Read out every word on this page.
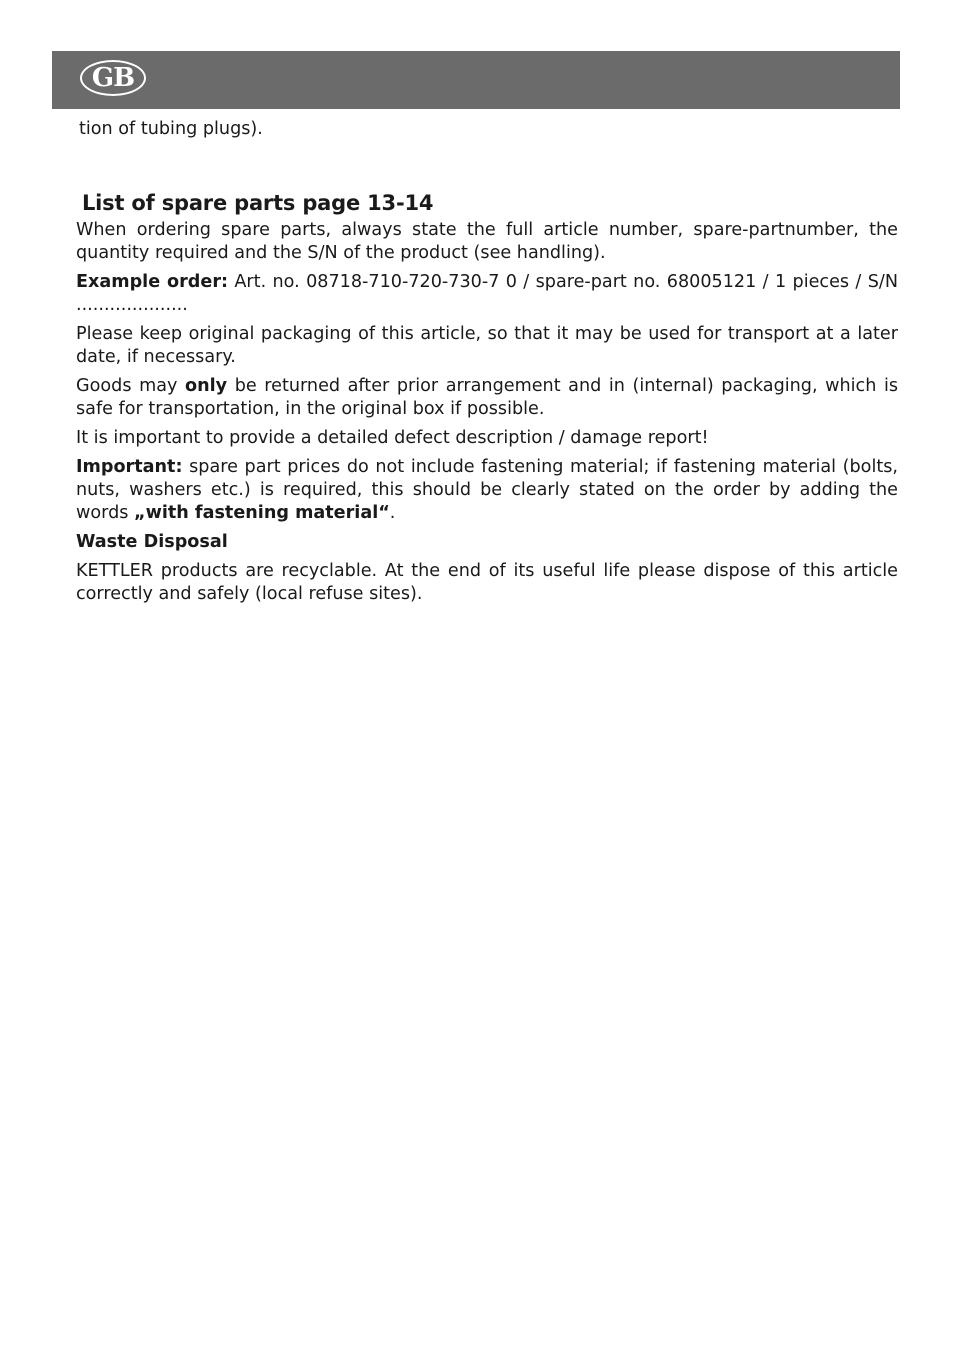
GB
tion of tubing plugs).
List of spare parts page 13-14

When ordering spare parts, always state the full article number, spare-partnumber, the quantity required and the S/N of the product (see handling).

Example order: Art. no. 08718-710-720-730-7 0 / spare-part no. 68005121 / 1 pieces / S/N ....................

Please keep original packaging of this article, so that it may be used for transport at a later date, if necessary.

Goods may only be returned after prior arrangement and in (internal) packaging, which is safe for transportation, in the original box if possible.

It is important to provide a detailed defect description / damage report!

Important: spare part prices do not include fastening material; if fastening material (bolts, nuts, washers etc.) is required, this should be clearly stated on the order by adding the words „with fastening material“.

Waste Disposal

KETTLER products are recyclable. At the end of its useful life please dispose of this article correctly and safely (local refuse sites).
